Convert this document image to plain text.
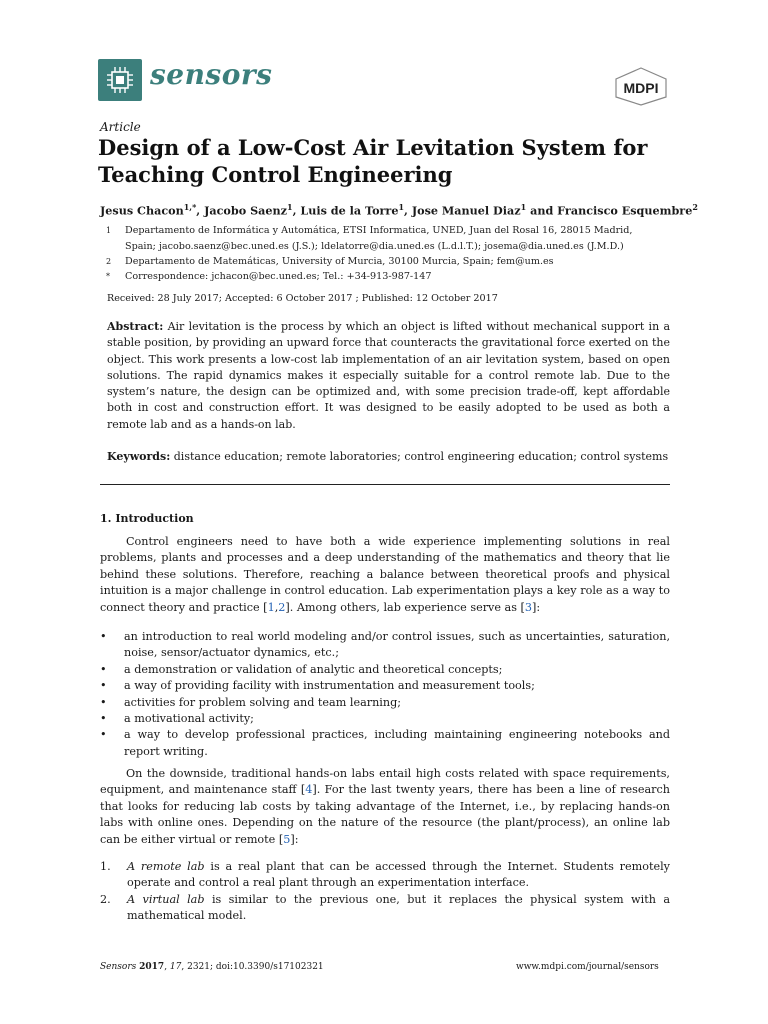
sensors	MDPI
Article
Design of a Low-Cost Air Levitation System for
Teaching Control Engineering
Jesus Chacon$^{1,*}$, Jacobo Saenz$^1$, Luis de la Torre$^1$, Jose Manuel Diaz$^1$ and Francisco Esquembre$^2$
1	Departamento de Informática y Automática, ETSI Informatica, UNED, Juan del Rosal 16, 28015 Madrid,
Spain; jacobo.saenz@bec.uned.es (J.S.); ldelatorre@dia.uned.es (L.d.l.T.); josema@dia.uned.es (J.M.D.)
2	Departamento de Matemáticas, University of Murcia, 30100 Murcia, Spain; fem@um.es
*	Correspondence: jchacon@bec.uned.es; Tel.: +34-913-987-147
Received: 28 July 2017; Accepted: 6 October 2017 ; Published: 12 October 2017
Abstract: Air levitation is the process by which an object is lifted without mechanical support in a stable position, by providing an upward force that counteracts the gravitational force exerted on the object. This work presents a low-cost lab implementation of an air levitation system, based on open solutions. The rapid dynamics makes it especially suitable for a control remote lab. Due to the system’s nature, the design can be optimized and, with some precision trade-off, kept affordable both in cost and construction effort. It was designed to be easily adopted to be used as both a remote lab and as a hands-on lab.
Keywords: distance education; remote laboratories; control engineering education; control systems
1. Introduction
Control engineers need to have both a wide experience implementing solutions in real problems, plants and processes and a deep understanding of the mathematics and theory that lie behind these solutions. Therefore, reaching a balance between theoretical proofs and physical intuition is a major challenge in control education. Lab experimentation plays a key role as a way to connect theory and practice [1,2]. Among others, lab experience serve as [3]:
• an introduction to real world modeling and/or control issues, such as uncertainties, saturation, noise, sensor/actuator dynamics, etc.;
• a demonstration or validation of analytic and theoretical concepts;
• a way of providing facility with instrumentation and measurement tools;
• activities for problem solving and team learning;
• a motivational activity;
• a way to develop professional practices, including maintaining engineering notebooks and report writing.
On the downside, traditional hands-on labs entail high costs related with space requirements, equipment, and maintenance staff [4]. For the last twenty years, there has been a line of research that looks for reducing lab costs by taking advantage of the Internet, i.e., by replacing hands-on labs with online ones. Depending on the nature of the resource (the plant/process), an online lab can be either virtual or remote [5]:
1. A remote lab is a real plant that can be accessed through the Internet. Students remotely operate and control a real plant through an experimentation interface.
2. A virtual lab is similar to the previous one, but it replaces the physical system with a mathematical model.
Sensors 2017, 17, 2321; doi:10.3390/s17102321	www.mdpi.com/journal/sensors
